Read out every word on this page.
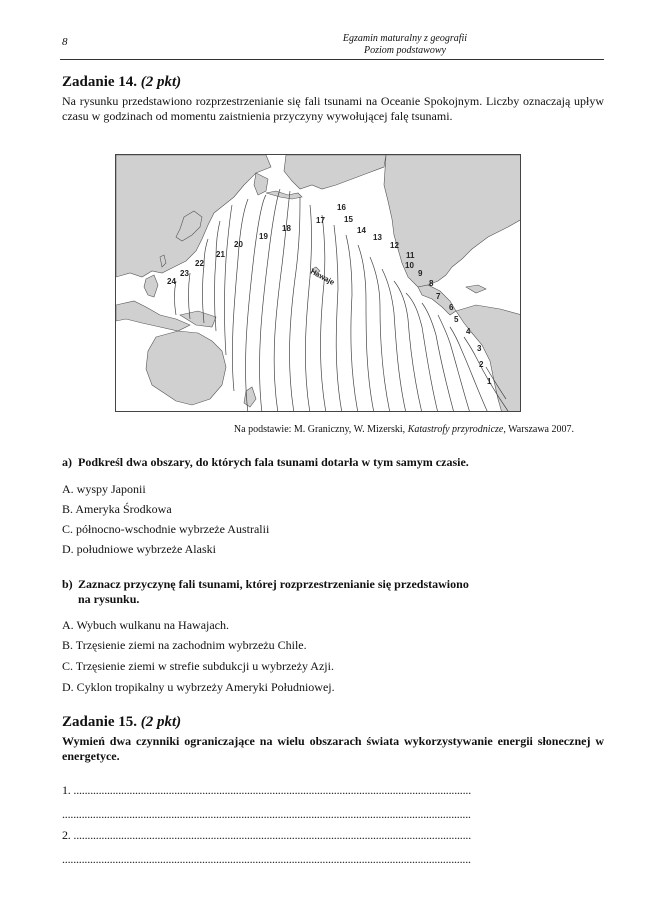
8	Egzamin maturalny z geografii
Poziom podstawowy
Zadanie 14. (2 pkt)
Na rysunku przedstawiono rozprzestrzenianie się fali tsunami na Oceanie Spokojnym. Liczby oznaczają upływ czasu w godzinach od momentu zaistnienia przyczyny wywołującej falę tsunami.
1
2
3
4
5
6
7
8
9
10
11
12
13
14
15
16
17
18
19
20
21
22
23
24	Hawaje
Na podstawie: M. Graniczny, W. Mizerski, Katastrofy przyrodnicze, Warszawa 2007.
a) Podkreśl dwa obszary, do których fala tsunami dotarła w tym samym czasie.
A. wyspy Japonii
B. Ameryka Środkowa
C. północno-wschodnie wybrzeże Australii
D. południowe wybrzeże Alaski
b) Zaznacz przyczynę fali tsunami, której rozprzestrzenianie się przedstawiono
na rysunku.
A. Wybuch wulkanu na Hawajach.
B. Trzęsienie ziemi na zachodnim wybrzeżu Chile.
C. Trzęsienie ziemi w strefie subdukcji u wybrzeży Azji.
D. Cyklon tropikalny u wybrzeży Ameryki Południowej.
Zadanie 15. (2 pkt)
Wymień dwa czynniki ograniczające na wielu obszarach świata wykorzystywanie energii słonecznej w energetyce.
1. ..............................................................................................................................................
..................................................................................................................................................
2. ..............................................................................................................................................
..................................................................................................................................................
